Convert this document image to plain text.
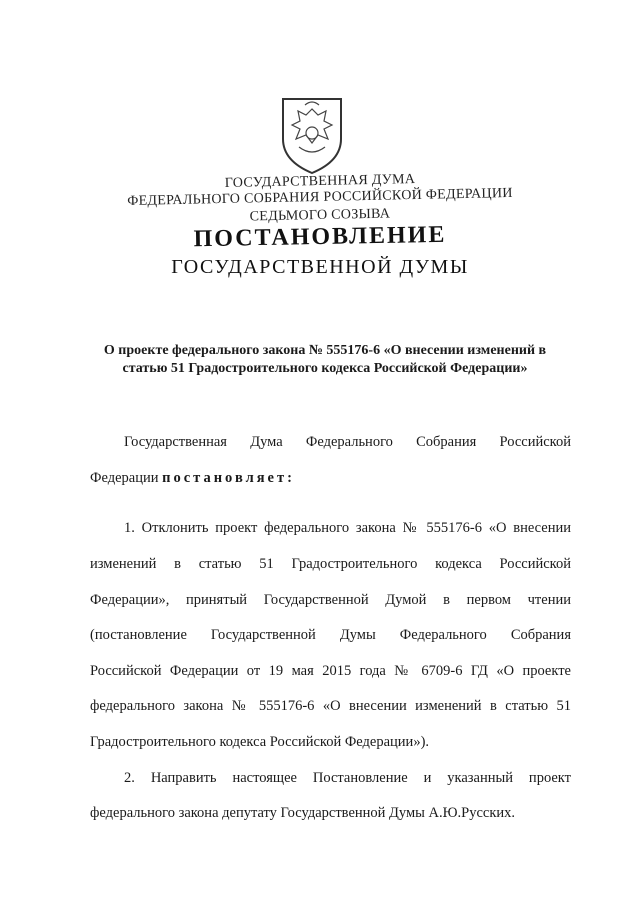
ГОСУДАРСТВЕННАЯ ДУМА
ФЕДЕРАЛЬНОГО СОБРАНИЯ РОССИЙСКОЙ ФЕДЕРАЦИИ
СЕДЬМОГО СОЗЫВА
ПОСТАНОВЛЕНИЕ
ГОСУДАРСТВЕННОЙ ДУМЫ
О проекте федерального закона № 555176-6 «О внесении изменений в
статью 51 Градостроительного кодекса Российской Федерации»
Государственная Дума Федерального Собрания Российской
Федерации постановляет:
1. Отклонить проект федерального закона № 555176-6 «О внесении
изменений в статью 51 Градостроительного кодекса Российской
Федерации», принятый Государственной Думой в первом чтении
(постановление Государственной Думы Федерального Собрания
Российской Федерации от 19 мая 2015 года № 6709-6 ГД «О проекте
федерального закона № 555176-6 «О внесении изменений в статью 51
Градостроительного кодекса Российской Федерации»).
2. Направить настоящее Постановление и указанный проект
федерального закона депутату Государственной Думы А.Ю.Русских.
